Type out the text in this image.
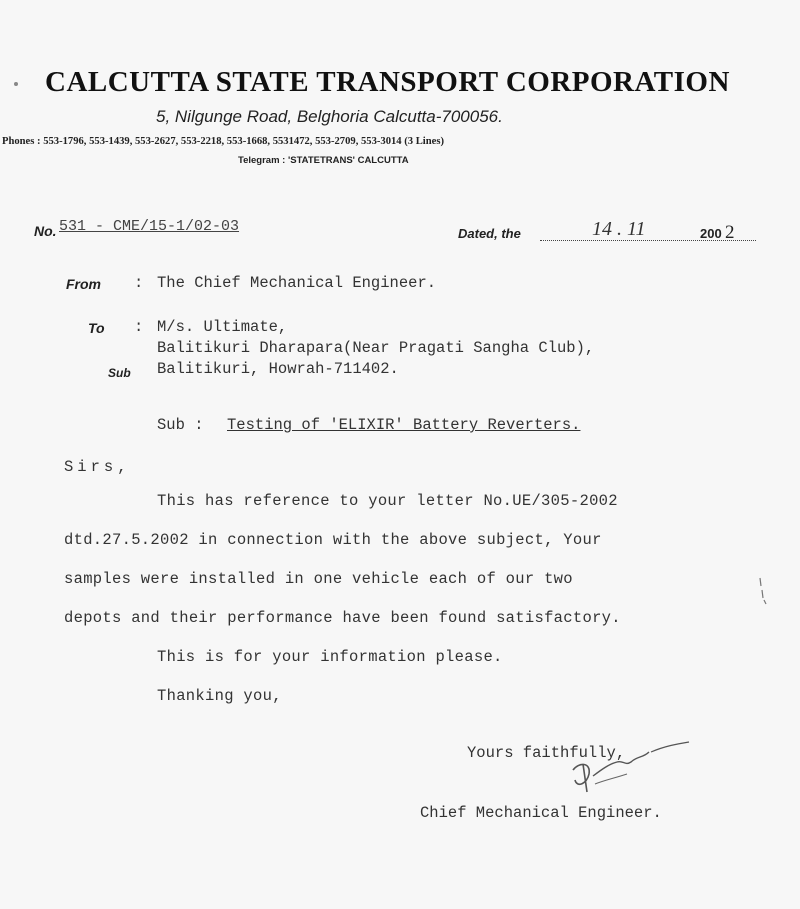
CALCUTTA STATE TRANSPORT CORPORATION
5, Nilgunge Road, Belghoria Calcutta-700056.
Phones : 553-1796, 553-1439, 553-2627, 553-2218, 553-1668, 5531472, 553-2709, 553-3014 (3 Lines)
Telegram : 'STATETRANS' CALCUTTA
No. 531 - CME/15-1/02-03	Dated, the	14 . 11	200 2
From : The Chief Mechanical Engineer.
To : M/s. Ultimate,
Balitikuri Dharapara(Near Pragati Sangha Club),
Balitikuri, Howrah-711402.
Sub
Sub : Testing of 'ELIXIR' Battery Reverters.
Sirs,
This has reference to your letter No.UE/305-2002
dtd.27.5.2002 in connection with the above subject, Your
samples were installed in one vehicle each of our two
depots and their performance have been found satisfactory.
This is for your information please.
Thanking you,
Yours faithfully,
Chief Mechanical Engineer.
